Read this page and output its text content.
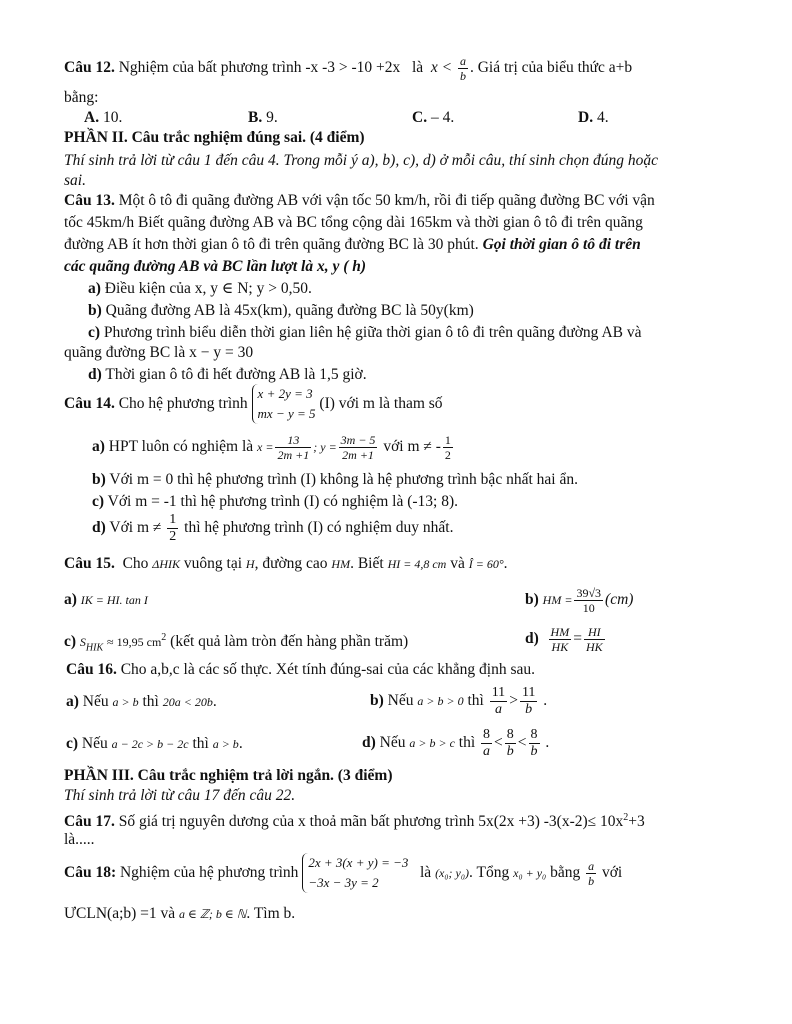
Câu 12. Nghiệm của bất phương trình -x -3 > -10 +2x là $x < \frac{a}{b}$ . Giá trị của biểu thức a+b
bằng:
A. 10.	B. 9.	C. – 4.	D. 4.
PHẦN II. Câu trắc nghiệm đúng sai. (4 điểm)
Thí sinh trả lời từ câu 1 đến câu 4. Trong mỗi ý a), b), c), d) ở mỗi câu, thí sinh chọn đúng hoặc
sai.
Câu 13. Một ô tô đi quãng đường AB với vận tốc 50 km/h, rồi đi tiếp quãng đường BC với vận
tốc 45km/h Biết quãng đường AB và BC tổng cộng dài 165km và thời gian ô tô đi trên quãng
đường AB ít hơn thời gian ô tô đi trên quãng đường BC là 30 phút. Gọi thời gian ô tô đi trên
các quãng đường AB và BC lần lượt là x, y ( h)
a) Điều kiện của x, y ∈ N; y > 0,50.
b) Quãng đường AB là 45x(km), quãng đường BC là 50y(km)
c) Phương trình biểu diễn thời gian liên hệ giữa thời gian ô tô đi trên quãng đường AB và
quãng đường BC là x − y = 30
d) Thời gian ô tô đi hết đường AB là 1,5 giờ.
Câu 14. Cho hệ phương trình
x + 2y = 3
mx − y = 5
(I) với m là tham số
a) HPT luôn có nghiệm là $x = \frac{13}{2m +1}$ ; $y = \frac{3m - 5}{2m +1}$ với m ≠ - $\frac{1}{2}$
b) Với m = 0 thì hệ phương trình (I) không là hệ phương trình bậc nhất hai ẩn.
c) Với m = -1 thì hệ phương trình (I) có nghiệm là (-13; 8).
d) Với $m \ne \frac{1}{2}$ thì hệ phương trình (I) có nghiệm duy nhất.
Câu 15. Cho ΔHIK vuông tại H, đường cao HM. Biết HI = 4,8 cm và Î = 60°.
a) IK = HI. tan I	b) HM = $\frac{39√3}{10} (cm)$
c) $S_{HIK} \approx 19,95$ $cm^2$ (kết quả làm tròn đến hàng phần trăm)	$d) \frac{HM}{HK} = \frac{HI}{HK}$
Câu 16. Cho a,b,c là các số thực. Xét tính đúng-sai của các khẳng định sau.
a) Nếu a > b thì 20a < 20b.	b) Nếu a > b > 0 thì $\frac{11}{a} > \frac{11}{b}$ .
c) Nếu a − 2c > b − 2c thì a > b.	d) Nếu a > b > c thì $\frac{8}{a} < \frac{8}{b} < \frac{8}{b}$ .
PHẦN III. Câu trắc nghiệm trả lời ngắn. (3 điểm)
Thí sinh trả lời từ câu 17 đến câu 22.
Câu 17. Số giá trị nguyên dương của x thoả mãn bất phương trình 5x(2x +3) $-3(x-2)\le 10x^2+3$
là.....
Câu 18: Nghiệm của hệ phương trình
2x + 3(x + y) = −3
−3x − 3y = 2
là (x₀; y₀). Tổng x₀ + y₀ bằng $\frac{a}{b}$ với
ƯCLN(a;b) =1 và a ∈ ℤ; b ∈ ℕ. Tìm b.
